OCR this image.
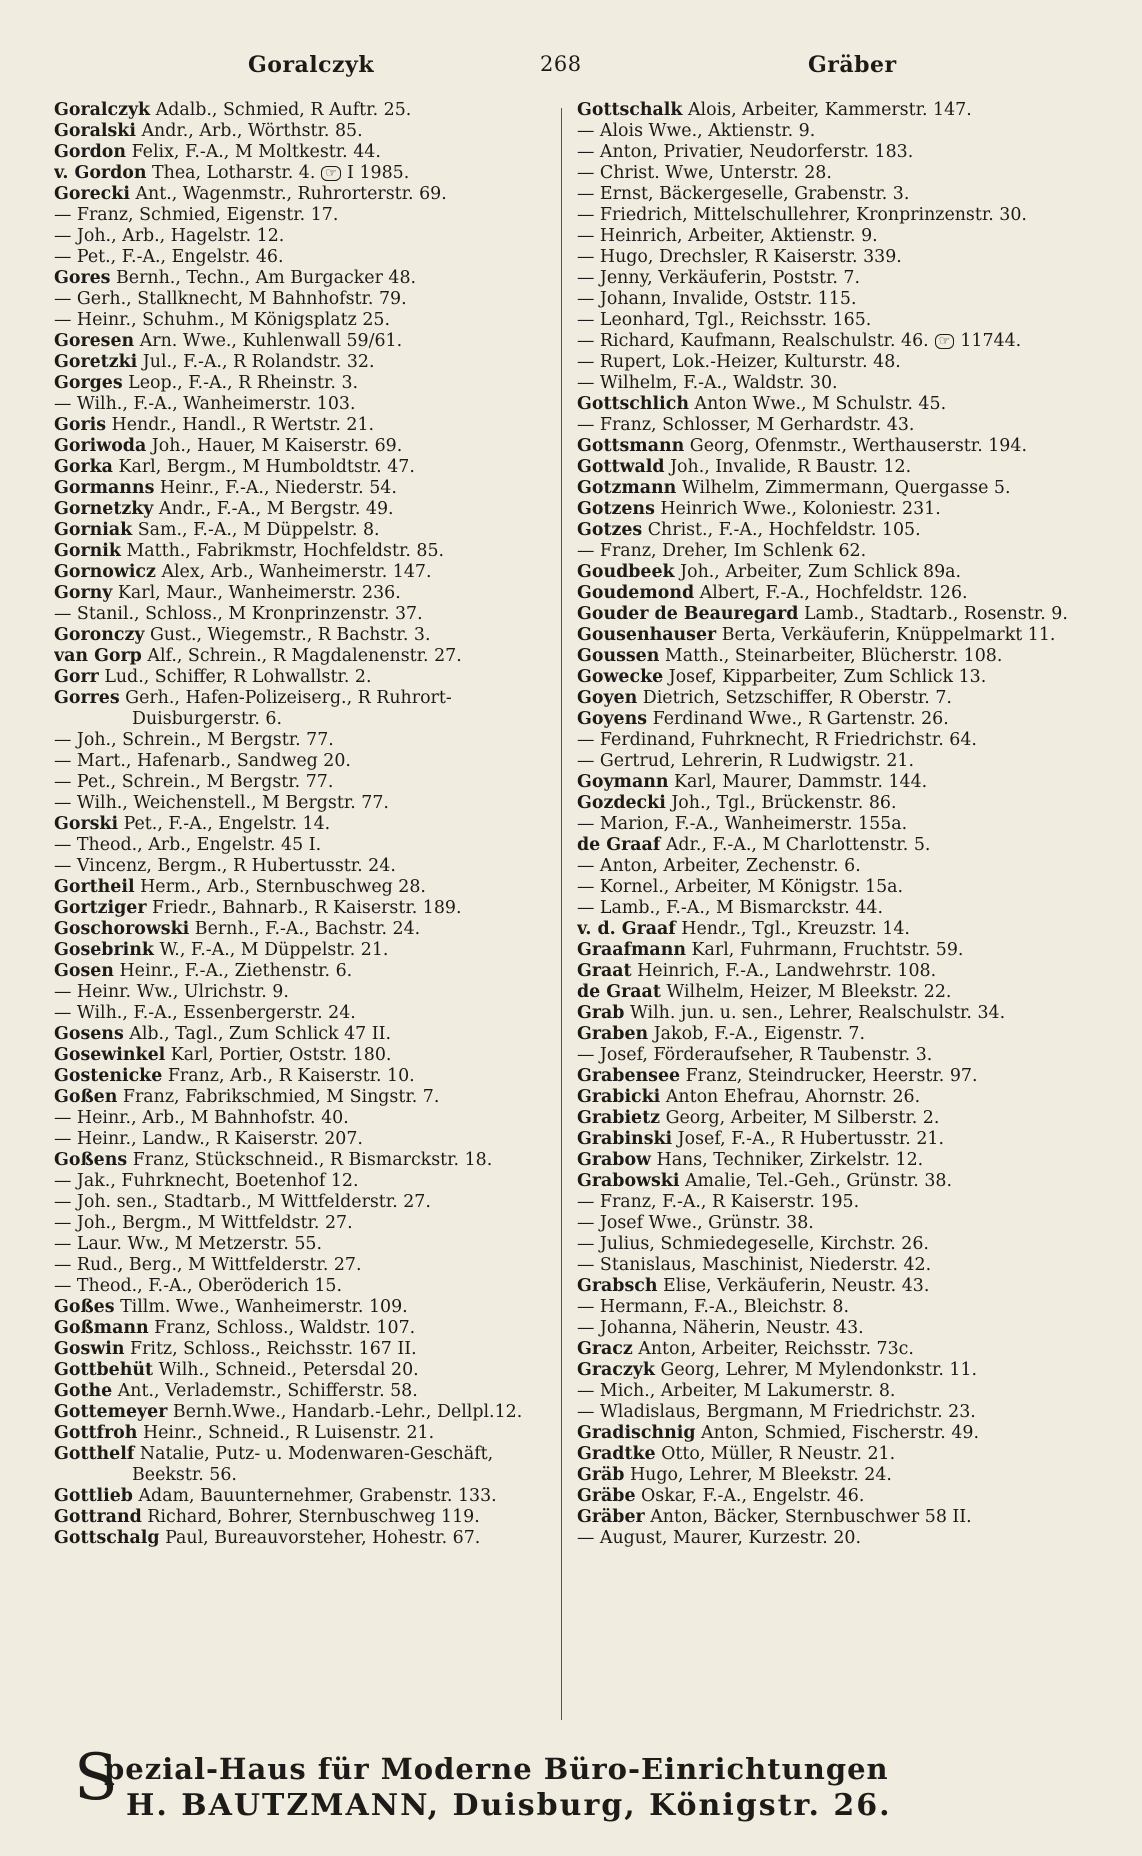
Goralczyk	268	Gräber
Goralczyk Adalb., Schmied, R Auftr. 25.
Goralski Andr., Arb., Wörthstr. 85.
Gordon Felix, F.-A., M Moltkestr. 44.
v. Gordon Thea, Lotharstr. 4. ☞ I 1985.
Gorecki Ant., Wagenmstr., Ruhrorterstr. 69.
— Franz, Schmied, Eigenstr. 17.
— Joh., Arb., Hagelstr. 12.
— Pet., F.-A., Engelstr. 46.
Gores Bernh., Techn., Am Burgacker 48.
— Gerh., Stallknecht, M Bahnhofstr. 79.
— Heinr., Schuhm., M Königsplatz 25.
Goresen Arn. Wwe., Kuhlenwall 59/61.
Goretzki Jul., F.-A., R Rolandstr. 32.
Gorges Leop., F.-A., R Rheinstr. 3.
— Wilh., F.-A., Wanheimerstr. 103.
Goris Hendr., Handl., R Wertstr. 21.
Goriwoda Joh., Hauer, M Kaiserstr. 69.
Gorka Karl, Bergm., M Humboldtstr. 47.
Gormanns Heinr., F.-A., Niederstr. 54.
Gornetzky Andr., F.-A., M Bergstr. 49.
Gorniak Sam., F.-A., M Düppelstr. 8.
Gornik Matth., Fabrikmstr, Hochfeldstr. 85.
Gornowicz Alex, Arb., Wanheimerstr. 147.
Gorny Karl, Maur., Wanheimerstr. 236.
— Stanil., Schloss., M Kronprinzenstr. 37.
Goronczy Gust., Wiegemstr., R Bachstr. 3.
van Gorp Alf., Schrein., R Magdalenenstr. 27.
Gorr Lud., Schiffer, R Lohwallstr. 2.
Gorres Gerh., Hafen-Polizeiserg., R Ruhrort-
Duisburgerstr. 6.
— Joh., Schrein., M Bergstr. 77.
— Mart., Hafenarb., Sandweg 20.
— Pet., Schrein., M Bergstr. 77.
— Wilh., Weichenstell., M Bergstr. 77.
Gorski Pet., F.-A., Engelstr. 14.
— Theod., Arb., Engelstr. 45 I.
— Vincenz, Bergm., R Hubertusstr. 24.
Gortheil Herm., Arb., Sternbuschweg 28.
Gortziger Friedr., Bahnarb., R Kaiserstr. 189.
Goschorowski Bernh., F.-A., Bachstr. 24.
Gosebrink W., F.-A., M Düppelstr. 21.
Gosen Heinr., F.-A., Ziethenstr. 6.
— Heinr. Ww., Ulrichstr. 9.
— Wilh., F.-A., Essenbergerstr. 24.
Gosens Alb., Tagl., Zum Schlick 47 II.
Gosewinkel Karl, Portier, Oststr. 180.
Gostenicke Franz, Arb., R Kaiserstr. 10.
Goßen Franz, Fabrikschmied, M Singstr. 7.
— Heinr., Arb., M Bahnhofstr. 40.
— Heinr., Landw., R Kaiserstr. 207.
Goßens Franz, Stückschneid., R Bismarckstr. 18.
— Jak., Fuhrknecht, Boetenhof 12.
— Joh. sen., Stadtarb., M Wittfelderstr. 27.
— Joh., Bergm., M Wittfeldstr. 27.
— Laur. Ww., M Metzerstr. 55.
— Rud., Berg., M Wittfelderstr. 27.
— Theod., F.-A., Oberöderich 15.
Goßes Tillm. Wwe., Wanheimerstr. 109.
Goßmann Franz, Schloss., Waldstr. 107.
Goswin Fritz, Schloss., Reichsstr. 167 II.
Gottbehüt Wilh., Schneid., Petersdal 20.
Gothe Ant., Verlademstr., Schifferstr. 58.
Gottemeyer Bernh.Wwe., Handarb.-Lehr., Dellpl.12.
Gottfroh Heinr., Schneid., R Luisenstr. 21.
Gotthelf Natalie, Putz- u. Modenwaren-Geschäft,
Beekstr. 56.
Gottlieb Adam, Bauunternehmer, Grabenstr. 133.
Gottrand Richard, Bohrer, Sternbuschweg 119.
Gottschalg Paul, Bureauvorsteher, Hohestr. 67.
Gottschalk Alois, Arbeiter, Kammerstr. 147.
— Alois Wwe., Aktienstr. 9.
— Anton, Privatier, Neudorferstr. 183.
— Christ. Wwe, Unterstr. 28.
— Ernst, Bäckergeselle, Grabenstr. 3.
— Friedrich, Mittelschullehrer, Kronprinzenstr. 30.
— Heinrich, Arbeiter, Aktienstr. 9.
— Hugo, Drechsler, R Kaiserstr. 339.
— Jenny, Verkäuferin, Poststr. 7.
— Johann, Invalide, Oststr. 115.
— Leonhard, Tgl., Reichsstr. 165.
— Richard, Kaufmann, Realschulstr. 46. ☞ 11744.
— Rupert, Lok.-Heizer, Kulturstr. 48.
— Wilhelm, F.-A., Waldstr. 30.
Gottschlich Anton Wwe., M Schulstr. 45.
— Franz, Schlosser, M Gerhardstr. 43.
Gottsmann Georg, Ofenmstr., Werthauserstr. 194.
Gottwald Joh., Invalide, R Baustr. 12.
Gotzmann Wilhelm, Zimmermann, Quergasse 5.
Gotzens Heinrich Wwe., Koloniestr. 231.
Gotzes Christ., F.-A., Hochfeldstr. 105.
— Franz, Dreher, Im Schlenk 62.
Goudbeek Joh., Arbeiter, Zum Schlick 89a.
Goudemond Albert, F.-A., Hochfeldstr. 126.
Gouder de Beauregard Lamb., Stadtarb., Rosenstr. 9.
Gousenhauser Berta, Verkäuferin, Knüppelmarkt 11.
Goussen Matth., Steinarbeiter, Blücherstr. 108.
Gowecke Josef, Kipparbeiter, Zum Schlick 13.
Goyen Dietrich, Setzschiffer, R Oberstr. 7.
Goyens Ferdinand Wwe., R Gartenstr. 26.
— Ferdinand, Fuhrknecht, R Friedrichstr. 64.
— Gertrud, Lehrerin, R Ludwigstr. 21.
Goymann Karl, Maurer, Dammstr. 144.
Gozdecki Joh., Tgl., Brückenstr. 86.
— Marion, F.-A., Wanheimerstr. 155a.
de Graaf Adr., F.-A., M Charlottenstr. 5.
— Anton, Arbeiter, Zechenstr. 6.
— Kornel., Arbeiter, M Königstr. 15a.
— Lamb., F.-A., M Bismarckstr. 44.
v. d. Graaf Hendr., Tgl., Kreuzstr. 14.
Graafmann Karl, Fuhrmann, Fruchtstr. 59.
Graat Heinrich, F.-A., Landwehrstr. 108.
de Graat Wilhelm, Heizer, M Bleekstr. 22.
Grab Wilh. jun. u. sen., Lehrer, Realschulstr. 34.
Graben Jakob, F.-A., Eigenstr. 7.
— Josef, Förderaufseher, R Taubenstr. 3.
Grabensee Franz, Steindrucker, Heerstr. 97.
Grabicki Anton Ehefrau, Ahornstr. 26.
Grabietz Georg, Arbeiter, M Silberstr. 2.
Grabinski Josef, F.-A., R Hubertusstr. 21.
Grabow Hans, Techniker, Zirkelstr. 12.
Grabowski Amalie, Tel.-Geh., Grünstr. 38.
— Franz, F.-A., R Kaiserstr. 195.
— Josef Wwe., Grünstr. 38.
— Julius, Schmiedegeselle, Kirchstr. 26.
— Stanislaus, Maschinist, Niederstr. 42.
Grabsch Elise, Verkäuferin, Neustr. 43.
— Hermann, F.-A., Bleichstr. 8.
— Johanna, Näherin, Neustr. 43.
Gracz Anton, Arbeiter, Reichsstr. 73c.
Graczyk Georg, Lehrer, M Mylendonkstr. 11.
— Mich., Arbeiter, M Lakumerstr. 8.
— Wladislaus, Bergmann, M Friedrichstr. 23.
Gradischnig Anton, Schmied, Fischerstr. 49.
Gradtke Otto, Müller, R Neustr. 21.
Gräb Hugo, Lehrer, M Bleekstr. 24.
Gräbe Oskar, F.-A., Engelstr. 46.
Gräber Anton, Bäcker, Sternbuschwer 58 II.
— August, Maurer, Kurzestr. 20.
S
pezial-Haus für Moderne Büro-Einrichtungen
H. BAUTZMANN, Duisburg, Königstr. 26.
